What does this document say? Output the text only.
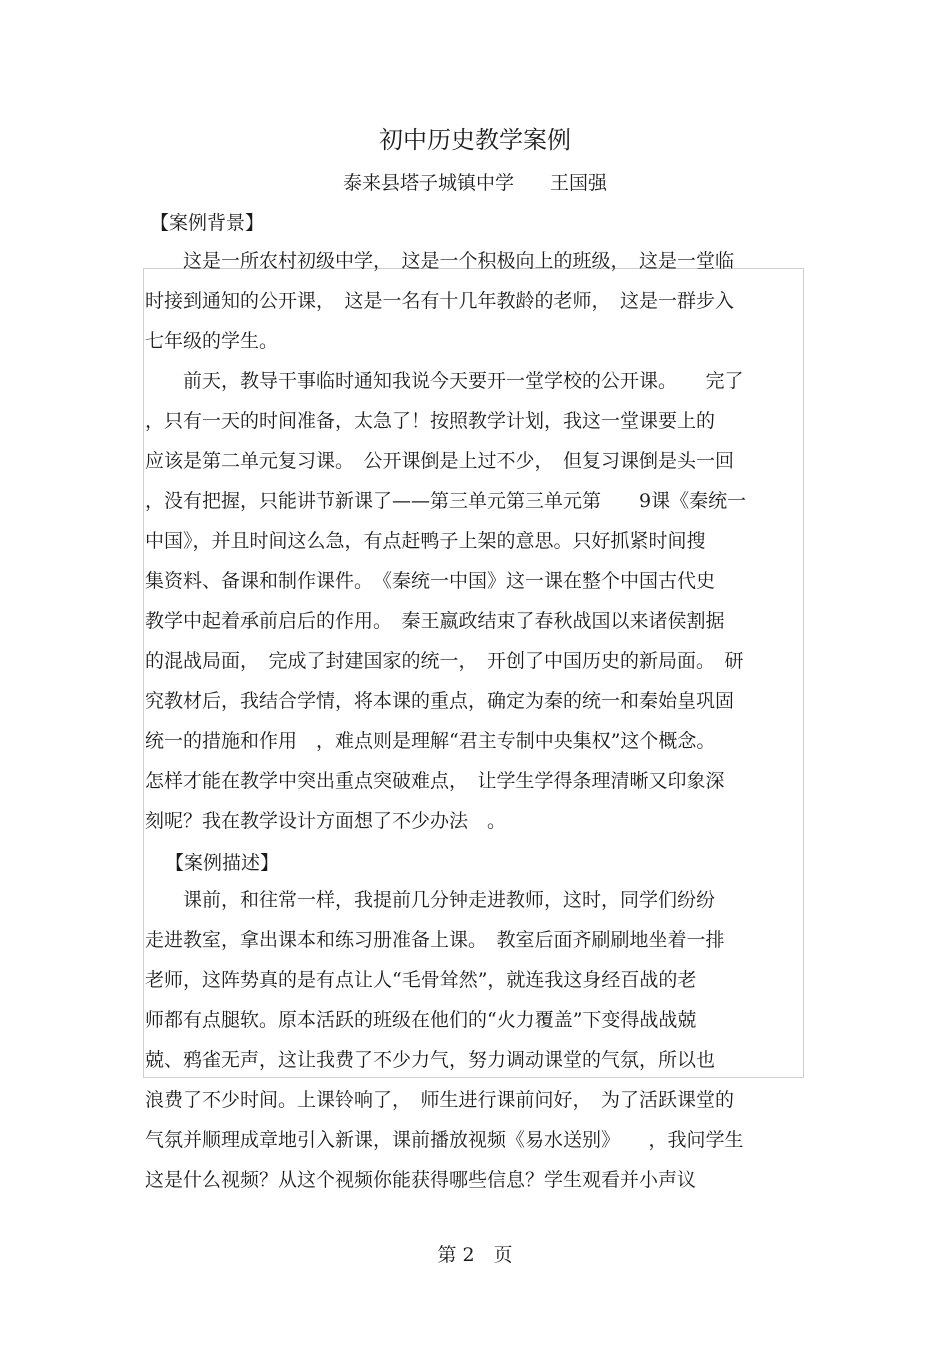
初中历史教学案例
泰来县塔子城镇中学 王国强
【案例背景】
　　这是一所农村初级中学，　这是一个积极向上的班级，　这是一堂临
时接到通知的公开课，　这是一名有十几年教龄的老师，　这是一群步入
七年级的学生。
　　前天，教导干事临时通知我说今天要开一堂学校的公开课。　　完了
，只有一天的时间准备，太急了！按照教学计划，我这一堂课要上的
应该是第二单元复习课。　公开课倒是上过不少，　但复习课倒是头一回
，没有把握，只能讲节新课了——第三单元第三单元第　　9课《秦统一
中国》，并且时间这么急，有点赶鸭子上架的意思。只好抓紧时间搜
集资料、备课和制作课件。　《秦统一中国》这一课在整个中国古代史
教学中起着承前启后的作用。　秦王嬴政结束了春秋战国以来诸侯割据
的混战局面，　完成了封建国家的统一，　开创了中国历史的新局面。　研
究教材后，我结合学情，将本课的重点，确定为秦的统一和秦始皇巩固
统一的措施和作用　，难点则是理解“君主专制中央集权”这个概念。
怎样才能在教学中突出重点突破难点，　让学生学得条理清晰又印象深
刻呢？我在教学设计方面想了不少办法　。
【案例描述】
　　课前，和往常一样，我提前几分钟走进教师，这时，同学们纷纷
走进教室，拿出课本和练习册准备上课。　教室后面齐刷刷地坐着一排
老师，这阵势真的是有点让人“毛骨耸然”，就连我这身经百战的老
师都有点腿软。原本活跃的班级在他们的“火力覆盖”下变得战战兢
兢、鸦雀无声，这让我费了不少力气，努力调动课堂的气氛，所以也
浪费了不少时间。上课铃响了，　师生进行课前问好，　为了活跃课堂的
气氛并顺理成章地引入新课，课前播放视频《易水送别》　　，我问学生
这是什么视频？从这个视频你能获得哪些信息？学生观看并小声议
第 2　页
